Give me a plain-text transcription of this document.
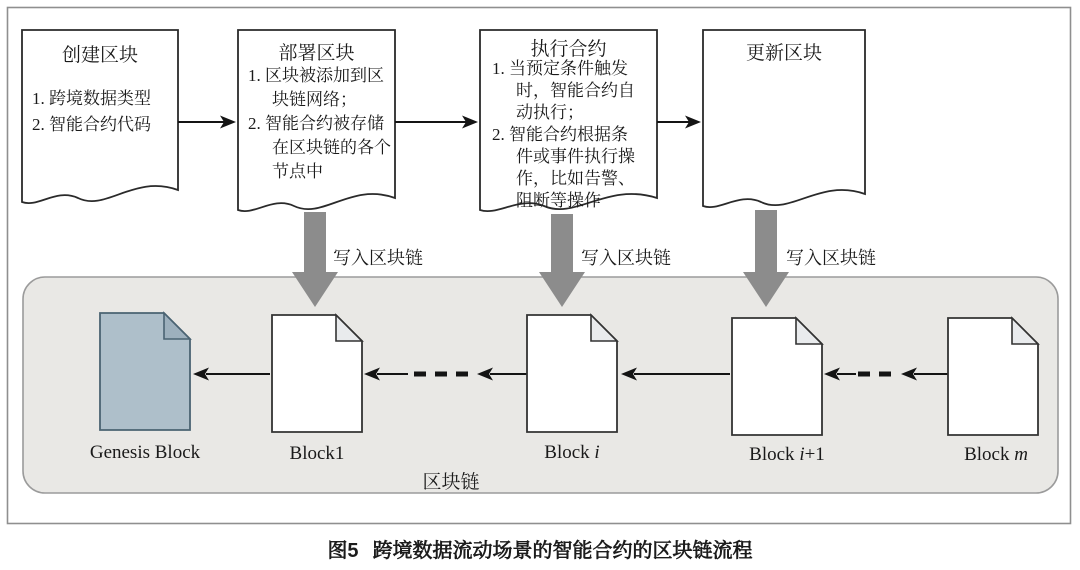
创建区块
1. 跨境数据类型
2. 智能合约代码
部署区块
1. 区块被添加到区块链网络；
2. 智能合约被存储在区块链的各个节点中
执行合约
1. 当预定条件触发时，智能合约自动执行；
2. 智能合约根据条件或事件执行操作，比如告警、阻断等操作
更新区块
写入区块链	写入区块链	写入区块链
Genesis Block	Block1	Block i	Block i+1	Block m
区块链
图5 跨境数据流动场景的智能合约的区块链流程
